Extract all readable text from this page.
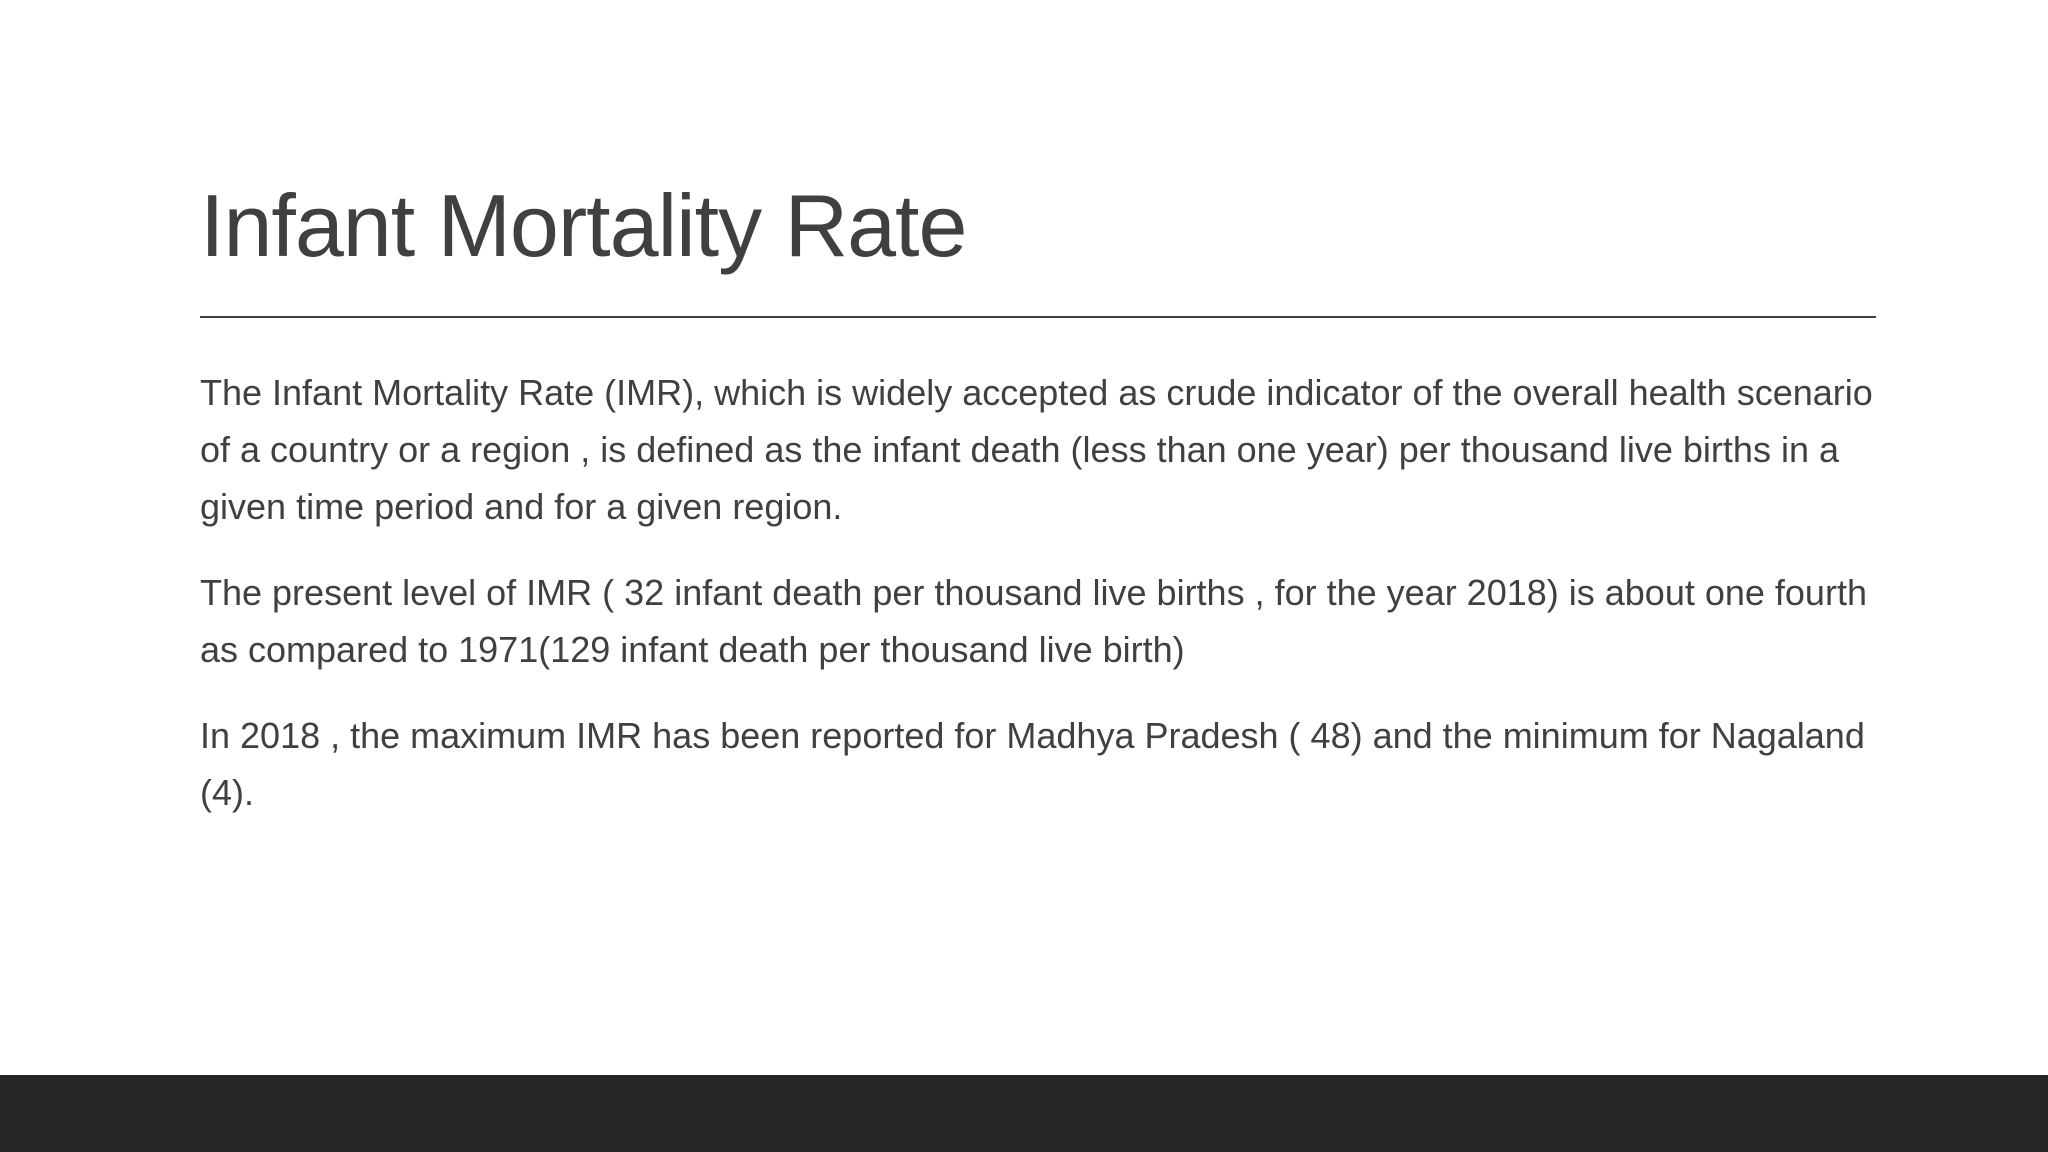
Infant Mortality Rate

The Infant Mortality Rate (IMR), which is widely accepted as crude indicator of the overall health scenario of a country or a region , is defined as the infant death (less than one year) per thousand live births in a given time period and for a given region.

The present level of IMR ( 32 infant death per thousand live births , for the year 2018) is about one fourth as compared to 1971(129 infant death per thousand live birth)

In 2018 , the maximum IMR has been reported for Madhya Pradesh ( 48) and the minimum for Nagaland (4).
